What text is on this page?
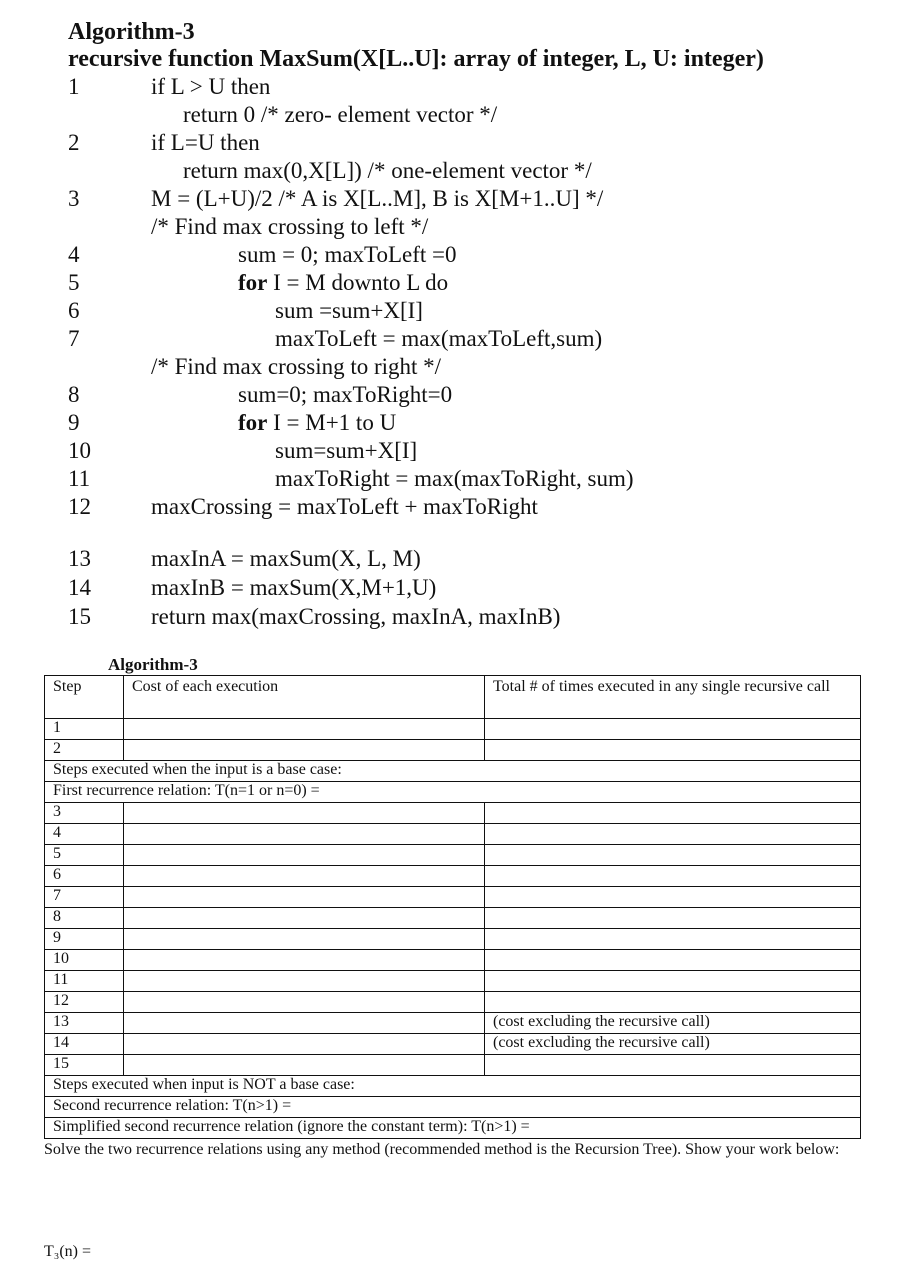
Algorithm-3
recursive function MaxSum(X[L..U]: array of integer, L, U: integer)
1	if L > U then
return 0 /* zero- element vector */
2	if L=U then
return max(0,X[L]) /* one-element vector */
3	M = (L+U)/2 /* A is X[L..M], B is X[M+1..U] */
/* Find max crossing to left */
4	sum = 0; maxToLeft =0
5	for I = M downto L do
6	sum =sum+X[I]
7	maxToLeft = max(maxToLeft,sum)
/* Find max crossing to right */
8	sum=0; maxToRight=0
9	for I = M+1 to U
10	sum=sum+X[I]
11	maxToRight = max(maxToRight, sum)
12	maxCrossing = maxToLeft + maxToRight
13	maxInA = maxSum(X, L, M)
14	maxInB = maxSum(X,M+1,U)
15	return max(maxCrossing, maxInA, maxInB)
Algorithm-3
Step	Cost of each execution	Total # of times executed in any single recursive call
1		
2		
Steps executed when the input is a base case:		
First recurrence relation: T(n=1 or n=0) =		
3		
4		
5		
6		
7		
8		
9		
10		
11		
12		
13		(cost excluding the recursive call)
14		(cost excluding the recursive call)
15		
Steps executed when input is NOT a base case:		
Second recurrence relation: T(n>1) =		
Simplified second recurrence relation (ignore the constant term): T(n>1) =		
Solve the two recurrence relations using any method (recommended method is the Recursion Tree). Show your work below:
T₃(n) =
